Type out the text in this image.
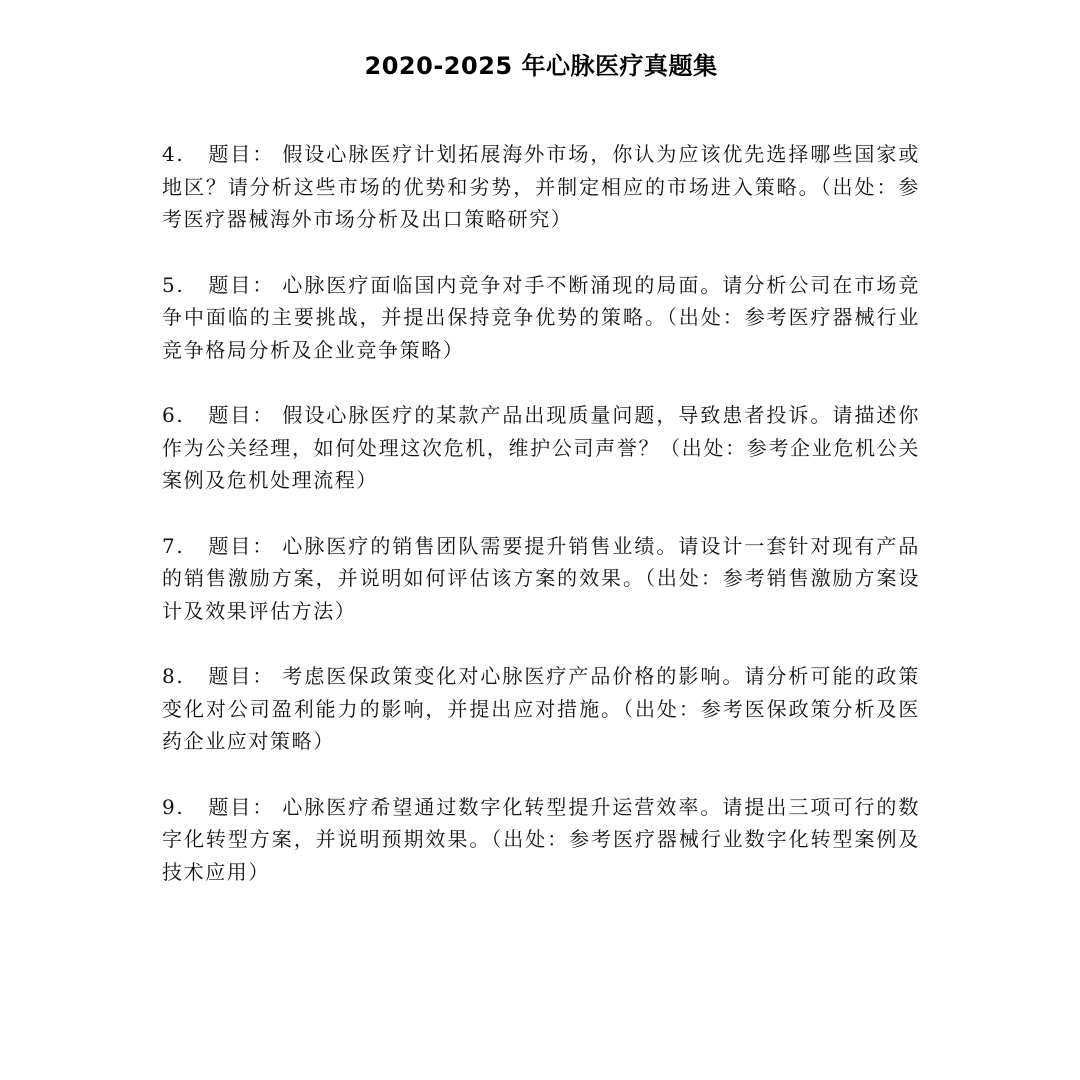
2020-2025 年心脉医疗真题集

4. 题目： 假设心脉医疗计划拓展海外市场，你认为应该优先选择哪些国家或地区？请分析这些市场的优势和劣势，并制定相应的市场进入策略。（出处：参考医疗器械海外市场分析及出口策略研究）

5. 题目： 心脉医疗面临国内竞争对手不断涌现的局面。请分析公司在市场竞争中面临的主要挑战，并提出保持竞争优势的策略。（出处：参考医疗器械行业竞争格局分析及企业竞争策略）

6. 题目： 假设心脉医疗的某款产品出现质量问题，导致患者投诉。请描述你作为公关经理，如何处理这次危机，维护公司声誉？（出处：参考企业危机公关案例及危机处理流程）

7. 题目： 心脉医疗的销售团队需要提升销售业绩。请设计一套针对现有产品的销售激励方案，并说明如何评估该方案的效果。（出处：参考销售激励方案设计及效果评估方法）

8. 题目： 考虑医保政策变化对心脉医疗产品价格的影响。请分析可能的政策变化对公司盈利能力的影响，并提出应对措施。（出处：参考医保政策分析及医药企业应对策略）

9. 题目： 心脉医疗希望通过数字化转型提升运营效率。请提出三项可行的数字化转型方案，并说明预期效果。（出处：参考医疗器械行业数字化转型案例及技术应用）
